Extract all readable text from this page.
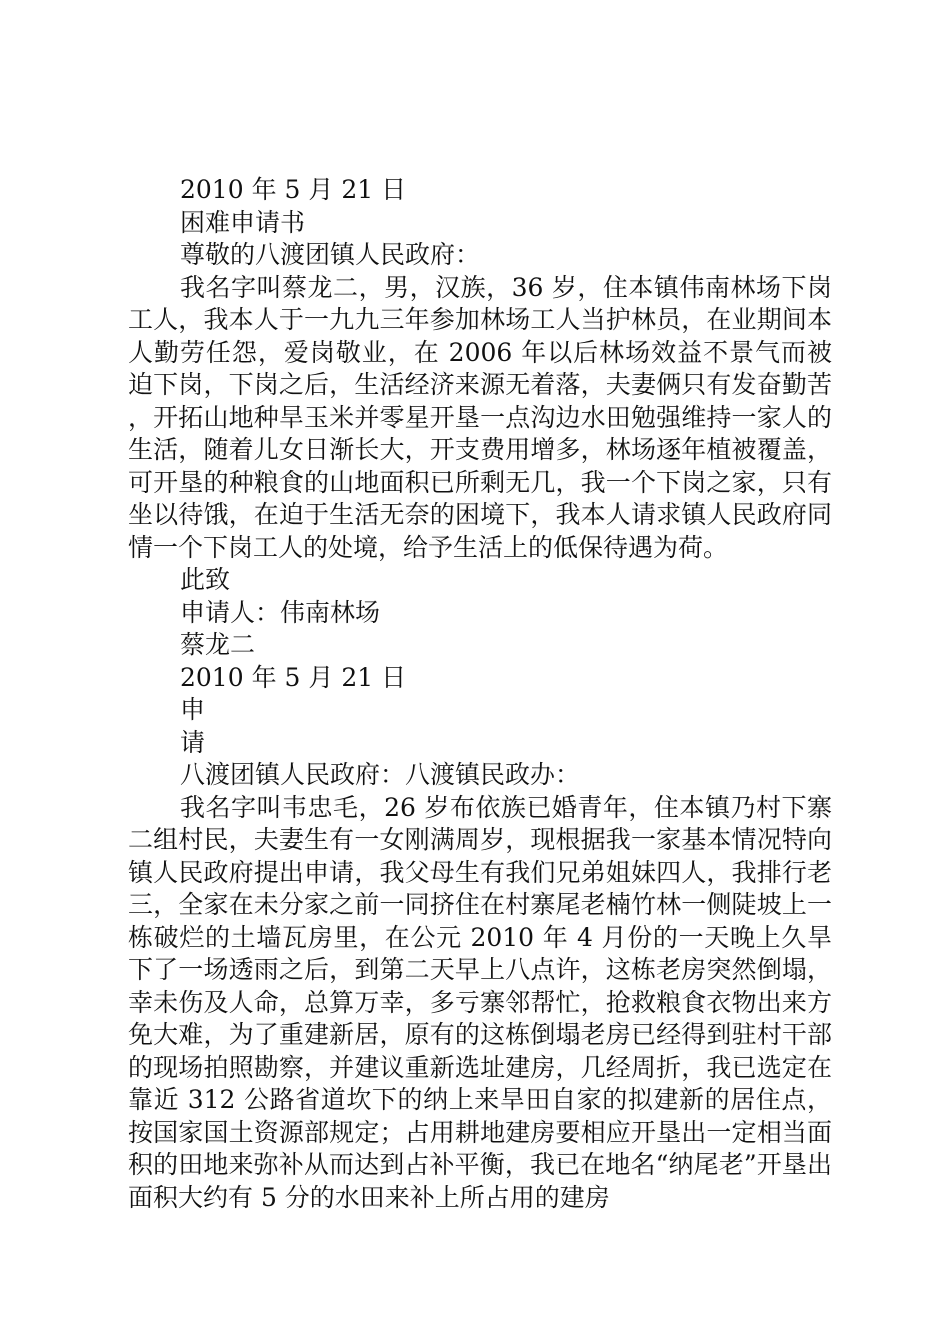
2010 年 5 月 21 日

困难申请书

尊敬的八渡团镇人民政府：

我名字叫蔡龙二，男，汉族，36 岁，住本镇伟南林场下岗工人，我本人于一九九三年参加林场工人当护林员，在业期间本人勤劳任怨，爱岗敬业，在 2006 年以后林场效益不景气而被迫下岗，下岗之后，生活经济来源无着落，夫妻俩只有发奋勤苦，开拓山地种旱玉米并零星开垦一点沟边水田勉强维持一家人的生活，随着儿女日渐长大，开支费用增多，林场逐年植被覆盖，可开垦的种粮食的山地面积已所剩无几，我一个下岗之家，只有坐以待饿，在迫于生活无奈的困境下，我本人请求镇人民政府同情一个下岗工人的处境，给予生活上的低保待遇为荷。

此致

申请人：伟南林场

蔡龙二

2010 年 5 月 21 日

申

请

八渡团镇人民政府：八渡镇民政办：

我名字叫韦忠毛，26 岁布依族已婚青年，住本镇乃村下寨二组村民，夫妻生有一女刚满周岁，现根据我一家基本情况特向镇人民政府提出申请，我父母生有我们兄弟姐妹四人，我排行老三，全家在未分家之前一同挤住在村寨尾老楠竹林一侧陡坡上一栋破烂的土墙瓦房里，在公元 2010 年 4 月份的一天晚上久旱下了一场透雨之后，到第二天早上八点许，这栋老房突然倒塌，幸未伤及人命，总算万幸，多亏寨邻帮忙，抢救粮食衣物出来方免大难，为了重建新居，原有的这栋倒塌老房已经得到驻村干部的现场拍照勘察，并建议重新选址建房，几经周折，我已选定在靠近 312 公路省道坎下的纳上来旱田自家的拟建新的居住点，按国家国土资源部规定；占用耕地建房要相应开垦出一定相当面积的田地来弥补从而达到占补平衡，我已在地名“纳尾老”开垦出面积大约有 5 分的水田来补上所占用的建房
